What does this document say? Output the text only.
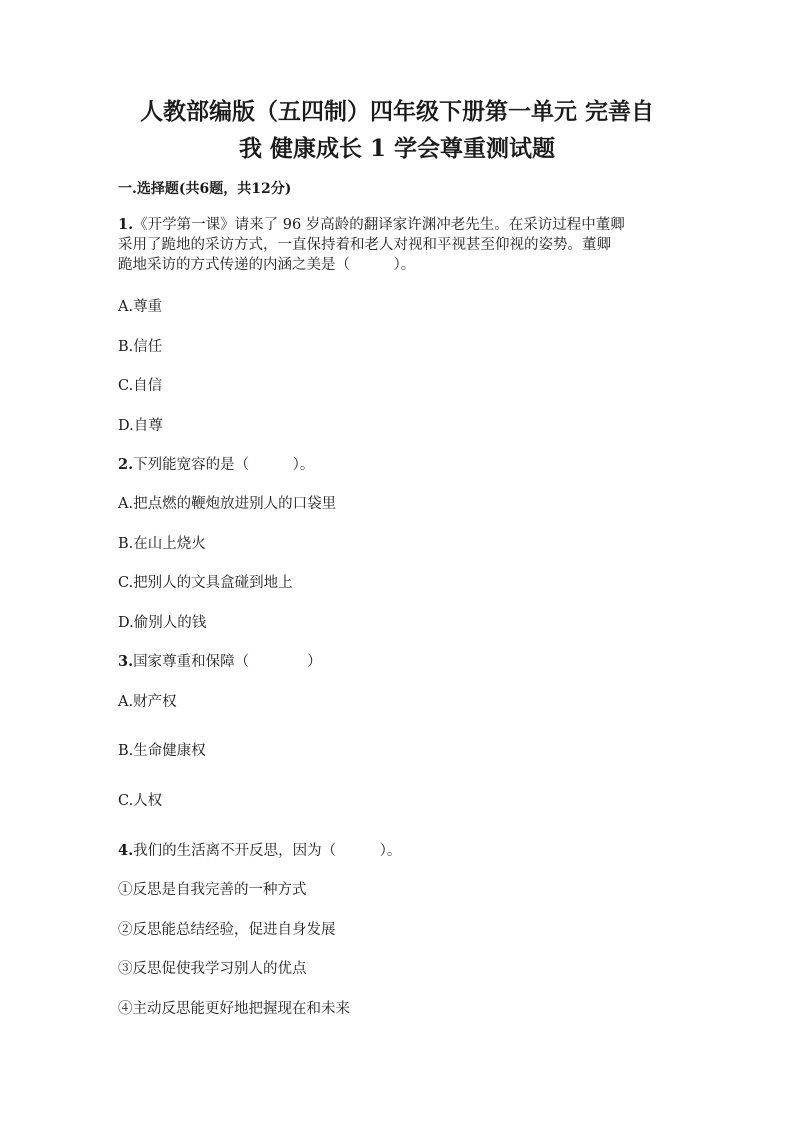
人教部编版（五四制）四年级下册第一单元 完善自
我 健康成长 1 学会尊重测试题
一.选择题(共6题，共12分)
1.《开学第一课》请来了 96 岁高龄的翻译家许渊冲老先生。在采访过程中董卿
采用了跪地的采访方式，一直保持着和老人对视和平视甚至仰视的姿势。董卿
跪地采访的方式传递的内涵之美是（　　　）。

A.尊重

B.信任

C.自信

D.自尊

2.下列能宽容的是（　　　）。

A.把点燃的鞭炮放进别人的口袋里

B.在山上烧火

C.把别人的文具盒碰到地上

D.偷别人的钱

3.国家尊重和保障（　　　　）

A.财产权

B.生命健康权

C.人权

4.我们的生活离不开反思，因为（　　　）。

①反思是自我完善的一种方式

②反思能总结经验，促进自身发展

③反思促使我学习别人的优点

④主动反思能更好地把握现在和未来
